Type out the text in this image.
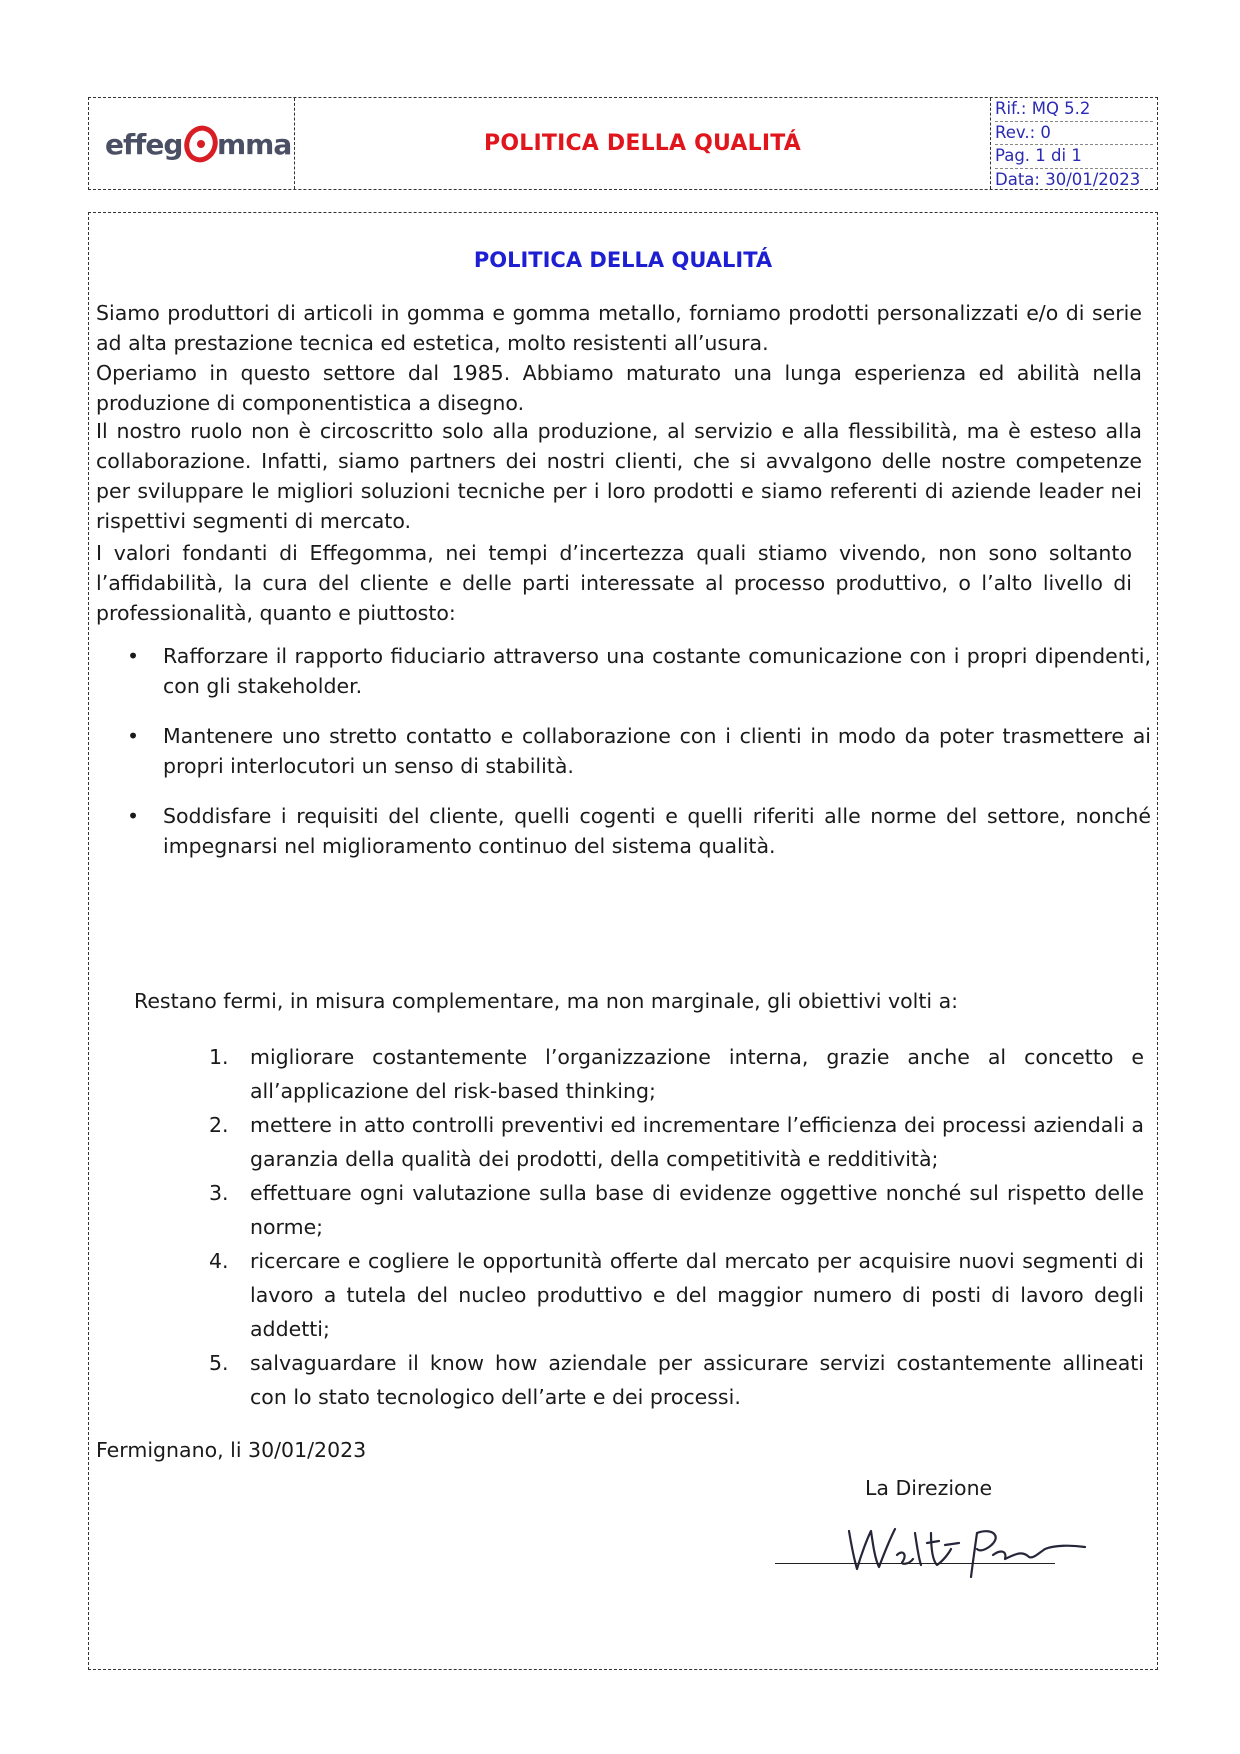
effeg mma	POLITICA DELLA QUALITÁ
Rif.: MQ 5.2
Rev.: 0
Pag. 1 di 1
Data: 30/01/2023
POLITICA DELLA QUALITÁ

Siamo produttori di articoli in gomma e gomma metallo, forniamo prodotti personalizzati e/o di serie ad alta prestazione tecnica ed estetica, molto resistenti all’usura.

Operiamo in questo settore dal 1985. Abbiamo maturato una lunga esperienza ed abilità nella produzione di componentistica a disegno.

Il nostro ruolo non è circoscritto solo alla produzione, al servizio e alla flessibilità, ma è esteso alla collaborazione. Infatti, siamo partners dei nostri clienti, che si avvalgono delle nostre competenze per sviluppare le migliori soluzioni tecniche per i loro prodotti e siamo referenti di aziende leader nei rispettivi segmenti di mercato.

I valori fondanti di Effegomma, nei tempi d’incertezza quali stiamo vivendo, non sono soltanto l’affidabilità, la cura del cliente e delle parti interessate al processo produttivo, o l’alto livello di professionalità, quanto e piuttosto:

•	Rafforzare il rapporto fiduciario attraverso una costante comunicazione con i propri dipendenti, con gli stakeholder.
•	Mantenere uno stretto contatto e collaborazione con i clienti in modo da poter trasmettere ai propri interlocutori un senso di stabilità.
•	Soddisfare i requisiti del cliente, quelli cogenti e quelli riferiti alle norme del settore, nonché impegnarsi nel miglioramento continuo del sistema qualità.
Restano fermi, in misura complementare, ma non marginale, gli obiettivi volti a:
1.	migliorare costantemente l’organizzazione interna, grazie anche al concetto e all’applicazione del risk-based thinking;
2.	mettere in atto controlli preventivi ed incrementare l’efficienza dei processi aziendali a garanzia della qualità dei prodotti, della competitività e redditività;
3.	effettuare ogni valutazione sulla base di evidenze oggettive nonché sul rispetto delle norme;
4.	ricercare e cogliere le opportunità offerte dal mercato per acquisire nuovi segmenti di lavoro a tutela del nucleo produttivo e del maggior numero di posti di lavoro degli addetti;
5.	salvaguardare il know how aziendale per assicurare servizi costantemente allineati con lo stato tecnologico dell’arte e dei processi.
Fermignano, li 30/01/2023
La Direzione
